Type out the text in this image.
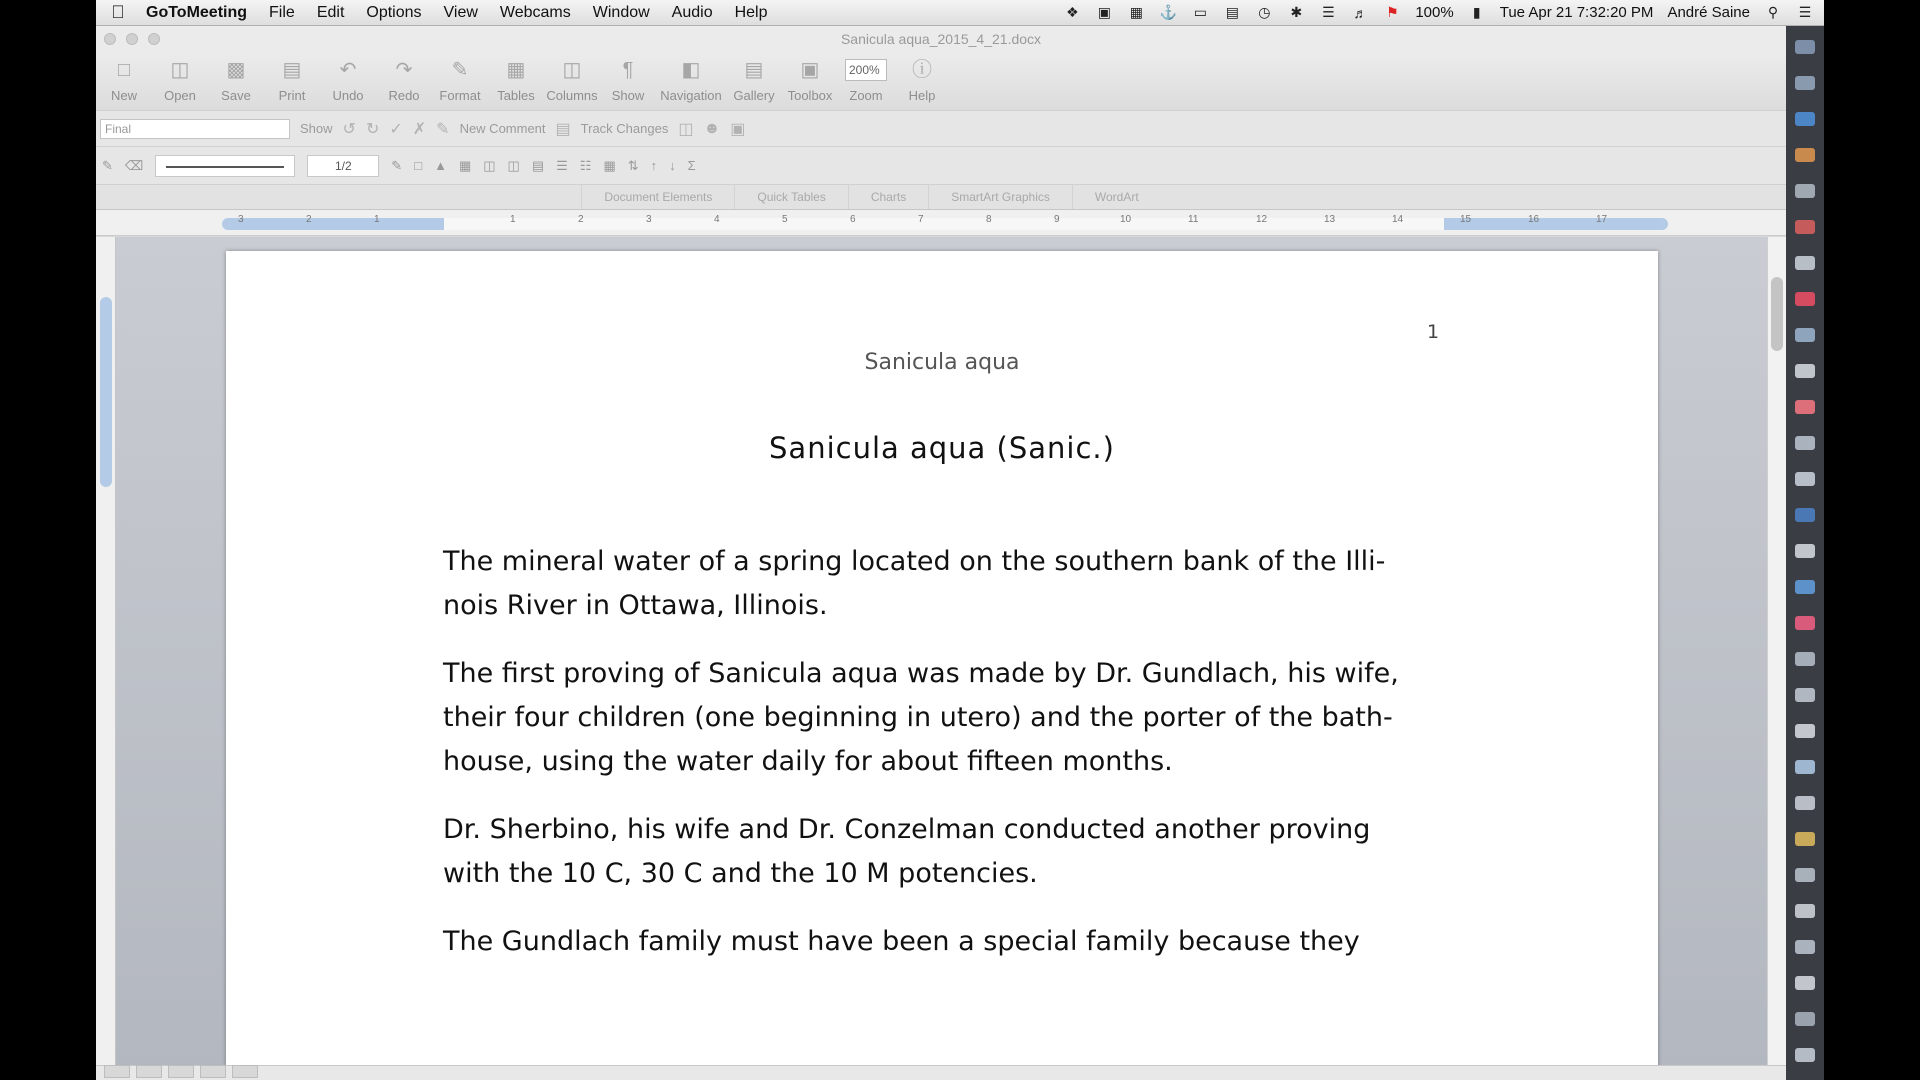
GoToMeeting	File	Edit	Options	View	Webcams	Window	Audio	Help	❖ ▣ ▦ ⚓ ▭ ▤ ◷ ✱ ☰ ♬ ⚑ 100%	▮	Tue Apr 21 7:32:20 PM André Saine ⚲ ☰
Sanicula aqua_2015_4_21.docx
□
New
◫
Open
▩
Save
▤
Print
↶
Undo
↷
Redo
✎
Format
▦
Tables
◫
Columns
¶
Show
◧
Navigation
▤
Gallery
▣
Toolbox
200%
Zoom
ⓘ
Help
Final	Show ↺ ↻ ✓ ✗ ✎ New Comment ▤ Track Changes ◫ ☻ ▣
✎ ⌫	1/2	✎ □ ▲ ▦ ◫ ◫ ▤ ☰ ☷ ▦ ⇅ ↑ ↓ Σ
Document Elements	Quick Tables	Charts	SmartArt Graphics	WordArt
3	2	1	1	2	3	4	5	6	7	8	9	10	11	12	13	14	15	16	17
1
Sanicula aqua
Sanicula aqua (Sanic.)

The mineral water of a spring located on the southern bank of the Illi-
nois River in Ottawa, Illinois.

The first proving of Sanicula aqua was made by Dr. Gundlach, his wife,
their four children (one beginning in utero) and the porter of the bath-
house, using the water daily for about fifteen months.

Dr. Sherbino, his wife and Dr. Conzelman conducted another proving
with the 10 C, 30 C and the 10 M potencies.

The Gundlach family must have been a special family because they
